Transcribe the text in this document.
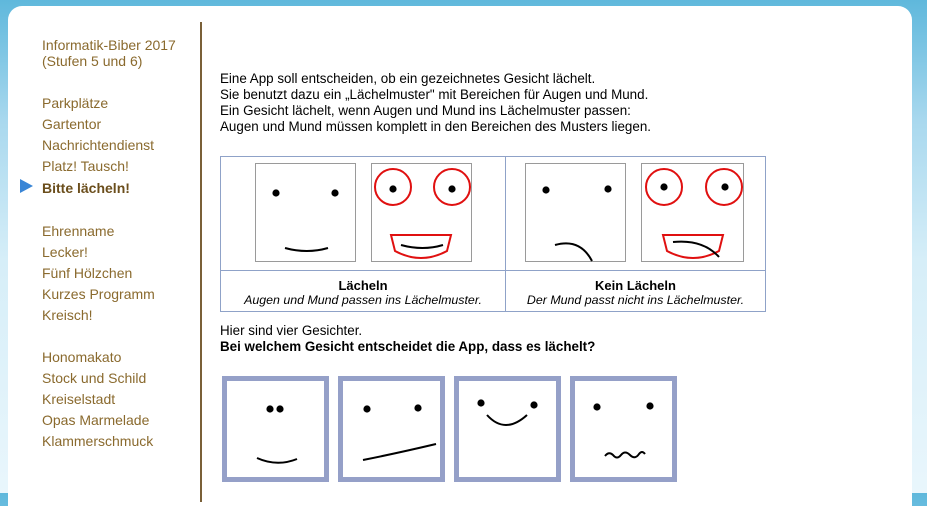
Informatik-Biber 2017
(Stufen 5 und 6)
Parkplätze
Gartentor
Nachrichtendienst
Platz! Tausch!
Bitte lächeln!
Ehrenname
Lecker!
Fünf Hölzchen
Kurzes Programm
Kreisch!
Honomakato
Stock und Schild
Kreiselstadt
Opas Marmelade
Klammerschmuck
Eine App soll entscheiden, ob ein gezeichnetes Gesicht lächelt.
Sie benutzt dazu ein „Lächelmuster" mit Bereichen für Augen und Mund.
Ein Gesicht lächelt, wenn Augen und Mund ins Lächelmuster passen:
Augen und Mund müssen komplett in den Bereichen des Musters liegen.
Lächeln
Augen und Mund passen ins Lächelmuster.
Kein Lächeln
Der Mund passt nicht ins Lächelmuster.
Hier sind vier Gesichter.
Bei welchem Gesicht entscheidet die App, dass es lächelt?
